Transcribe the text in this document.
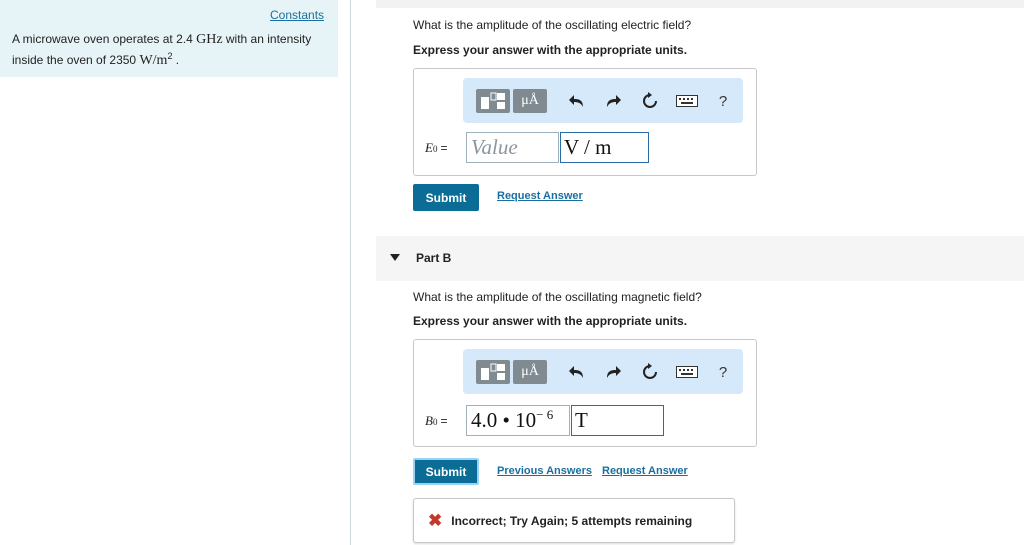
Constants
A microwave oven operates at 2.4 GHz with an intensity inside the oven of 2350 $W/m^2$ .
What is the amplitude of the oscillating electric field?
Express your answer with the appropriate units.
μÅ	?
E0 = Value V / m
Submit	Request Answer
Part B
What is the amplitude of the oscillating magnetic field?
Express your answer with the appropriate units.
μÅ	?
B0 = 4.0 • $10^{- 6}$ T
Submit	Previous Answers Request Answer
✖ Incorrect; Try Again; 5 attempts remaining
